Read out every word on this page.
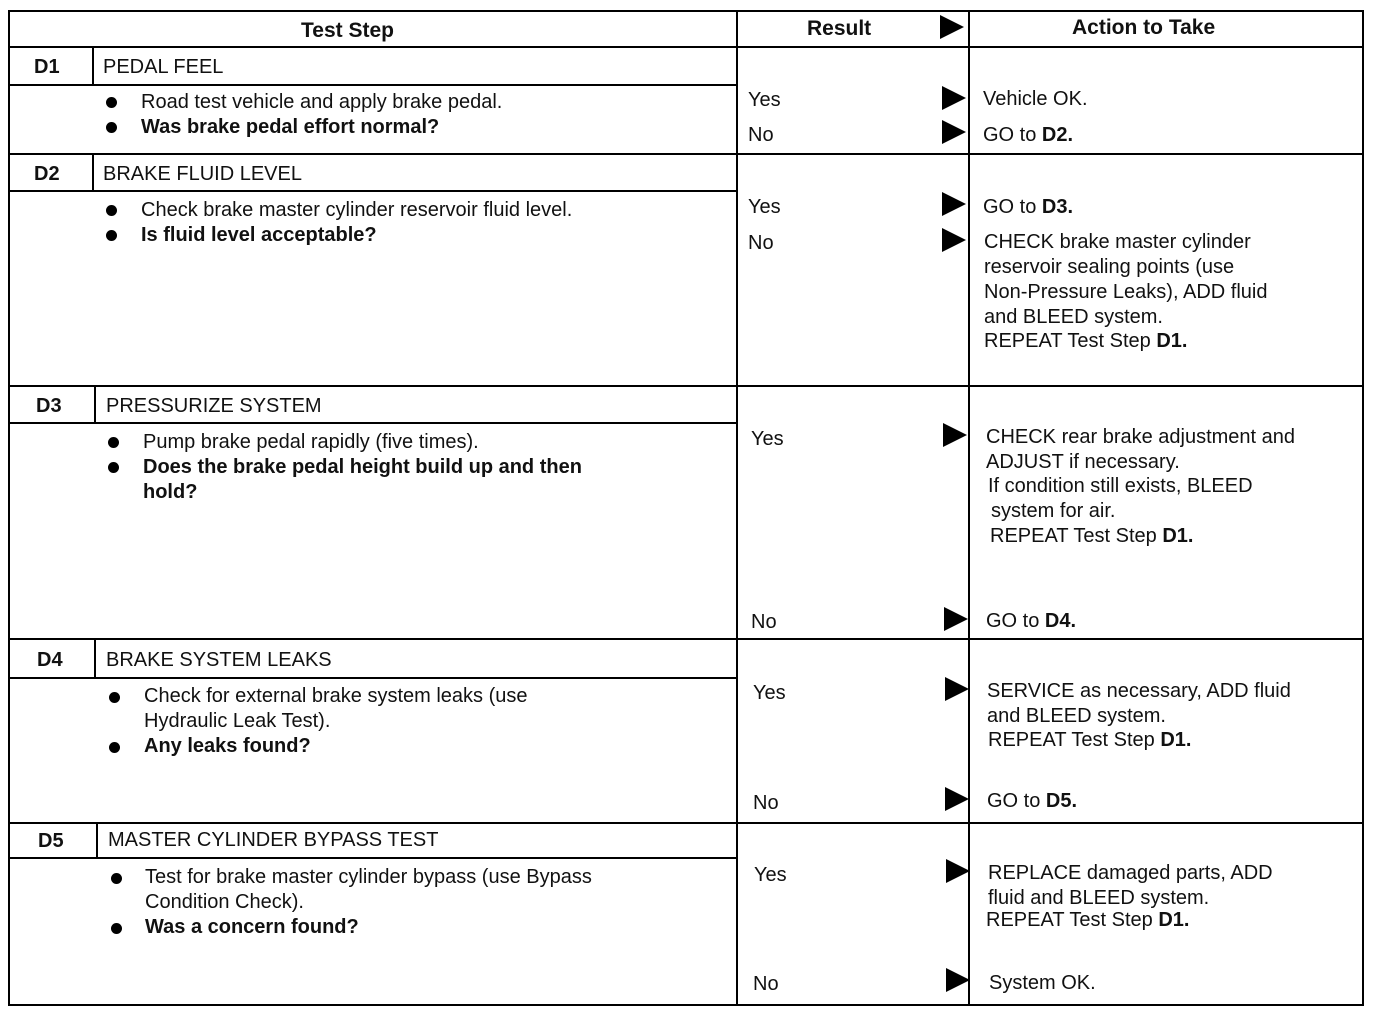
Test Step	Result	Action to Take
D1 PEDAL FEEL
Road test vehicle and apply brake pedal.
Was brake pedal effort normal?
Yes	Vehicle OK.
No	GO to D2.
D2 BRAKE FLUID LEVEL
Check brake master cylinder reservoir fluid level.
Is fluid level acceptable?
Yes	GO to D3.
No	CHECK brake master cylinder
reservoir sealing points (use
Non-Pressure Leaks), ADD fluid
and BLEED system.
REPEAT Test Step D1.
D3 PRESSURIZE SYSTEM
Pump brake pedal rapidly (five times).
Does the brake pedal height build up and then
hold?
Yes	CHECK rear brake adjustment and
ADJUST if necessary.
If condition still exists, BLEED
system for air.
REPEAT Test Step D1.
No	GO to D4.
D4 BRAKE SYSTEM LEAKS
Check for external brake system leaks (use
Hydraulic Leak Test).
Any leaks found?
Yes	SERVICE as necessary, ADD fluid
and BLEED system.
REPEAT Test Step D1.
No	GO to D5.
D5 MASTER CYLINDER BYPASS TEST
Test for brake master cylinder bypass (use Bypass
Condition Check).
Was a concern found?
Yes	REPLACE damaged parts, ADD
fluid and BLEED system.
REPEAT Test Step D1.
No	System OK.
